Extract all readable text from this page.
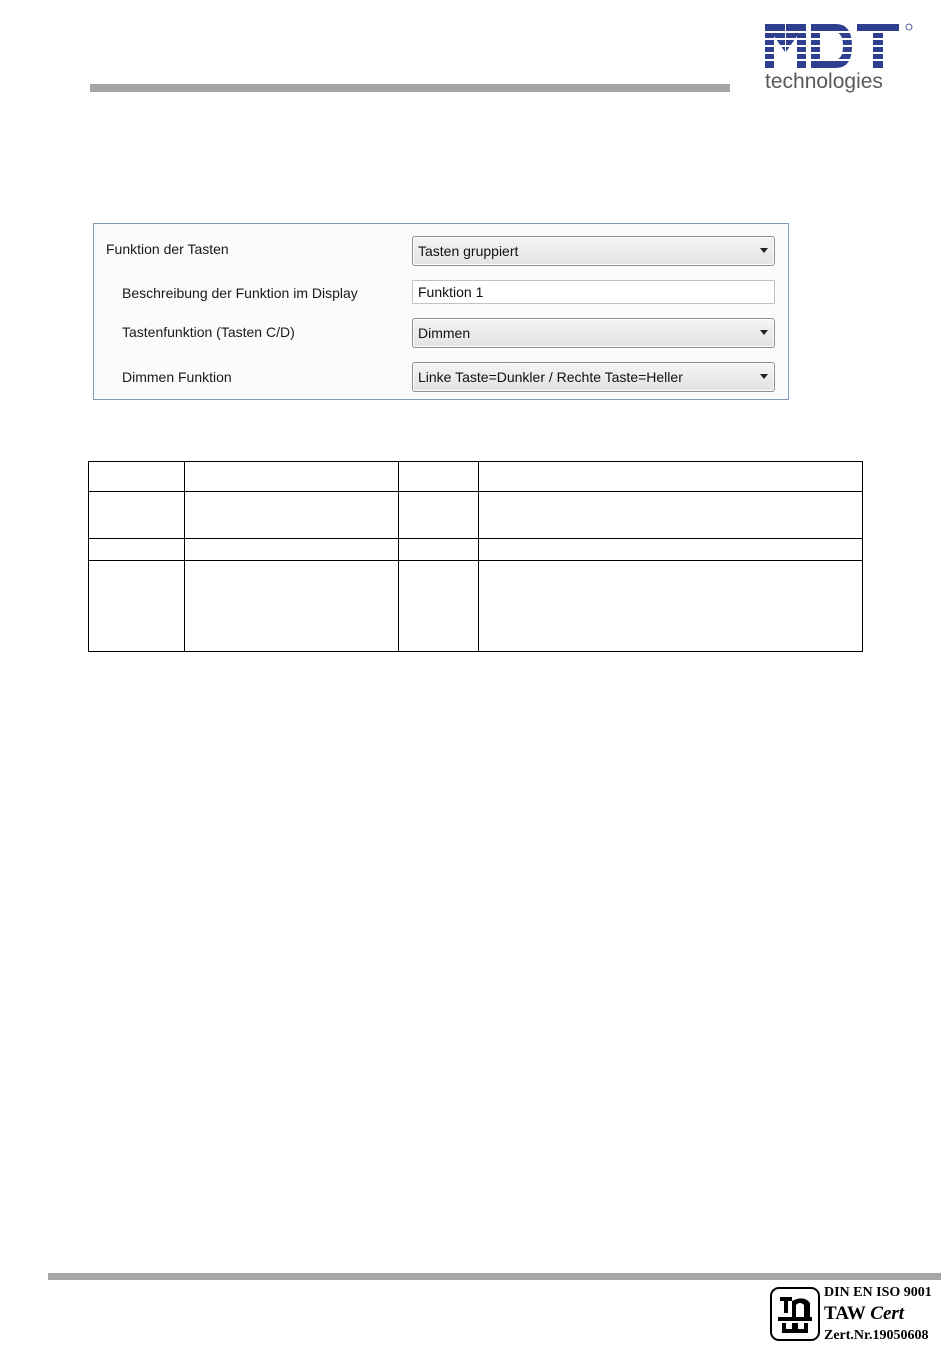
technologies
Funktion der Tasten	Tasten gruppiert
Beschreibung der Funktion im Display	Funktion 1
Tastenfunktion (Tasten C/D)	Dimmen
Dimmen Funktion	Linke Taste=Dunkler / Rechte Taste=Heller

DIN EN ISO 9001
TAW Cert
Zert.Nr.19050608
